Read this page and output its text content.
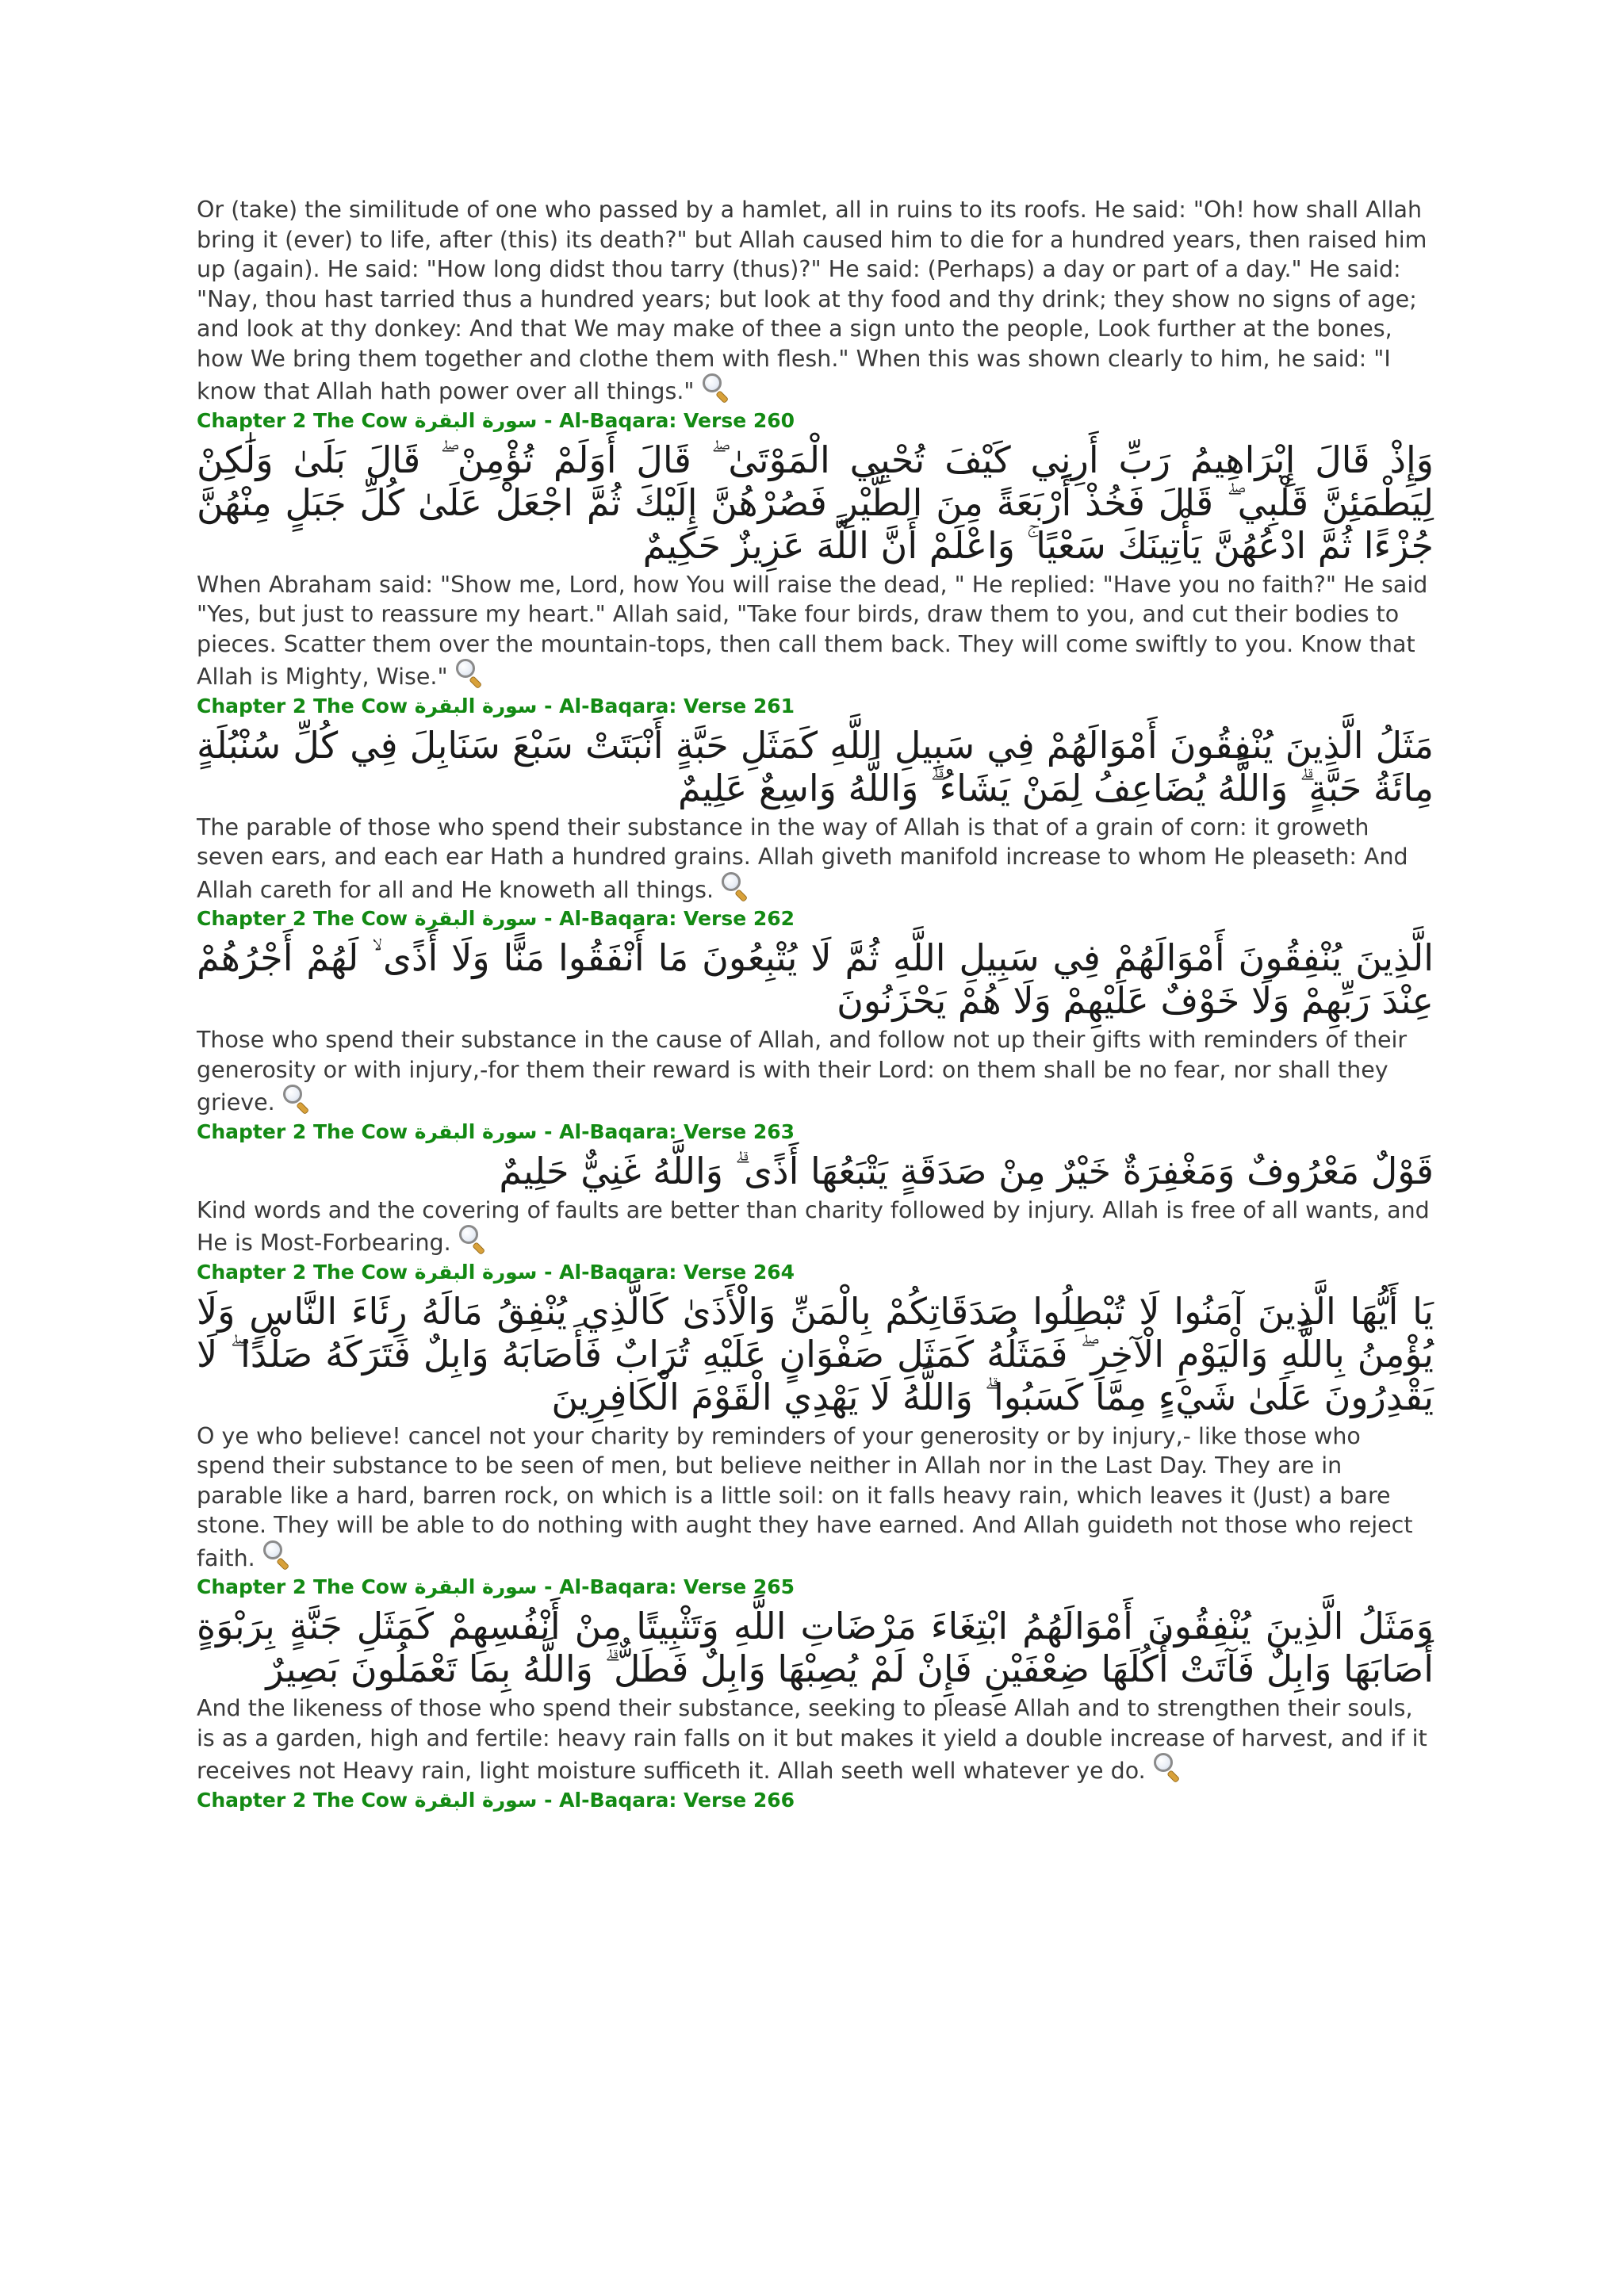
Or (take) the similitude of one who passed by a hamlet, all in ruins to its roofs. He said: "Oh! how shall Allah bring it (ever) to life, after (this) its death?" but Allah caused him to die for a hundred years, then raised him up (again). He said: "How long didst thou tarry (thus)?" He said: (Perhaps) a day or part of a day." He said: "Nay, thou hast tarried thus a hundred years; but look at thy food and thy drink; they show no signs of age; and look at thy donkey: And that We may make of thee a sign unto the people, Look further at the bones, how We bring them together and clothe them with flesh." When this was shown clearly to him, he said: "I know that Allah hath power over all things."

Chapter 2 The Cow سورة البقرة - Al-Baqara: Verse 260
وَإِذْ قَالَ إِبْرَاهِيمُ رَبِّ أَرِنِي كَيْفَ تُحْيِي الْمَوْتَىٰ ۖ قَالَ أَوَلَمْ تُؤْمِنْ ۖ قَالَ بَلَىٰ وَلَٰكِنْ لِيَطْمَئِنَّ قَلْبِي ۖ قَالَ فَخُذْ أَرْبَعَةً مِنَ الطَّيْرِ فَصُرْهُنَّ إِلَيْكَ ثُمَّ اجْعَلْ عَلَىٰ كُلِّ جَبَلٍ مِنْهُنَّ جُزْءًا ثُمَّ ادْعُهُنَّ يَأْتِينَكَ سَعْيًا ۚ وَاعْلَمْ أَنَّ اللَّهَ عَزِيزٌ حَكِيمٌ

When Abraham said: "Show me, Lord, how You will raise the dead, " He replied: "Have you no faith?" He said "Yes, but just to reassure my heart." Allah said, "Take four birds, draw them to you, and cut their bodies to pieces. Scatter them over the mountain-tops, then call them back. They will come swiftly to you. Know that Allah is Mighty, Wise."

Chapter 2 The Cow سورة البقرة - Al-Baqara: Verse 261
مَثَلُ الَّذِينَ يُنْفِقُونَ أَمْوَالَهُمْ فِي سَبِيلِ اللَّهِ كَمَثَلِ حَبَّةٍ أَنْبَتَتْ سَبْعَ سَنَابِلَ فِي كُلِّ سُنْبُلَةٍ مِائَةُ حَبَّةٍ ۗ وَاللَّهُ يُضَاعِفُ لِمَنْ يَشَاءُ ۗ وَاللَّهُ وَاسِعٌ عَلِيمٌ

The parable of those who spend their substance in the way of Allah is that of a grain of corn: it groweth seven ears, and each ear Hath a hundred grains. Allah giveth manifold increase to whom He pleaseth: And Allah careth for all and He knoweth all things.

Chapter 2 The Cow سورة البقرة - Al-Baqara: Verse 262
الَّذِينَ يُنْفِقُونَ أَمْوَالَهُمْ فِي سَبِيلِ اللَّهِ ثُمَّ لَا يُتْبِعُونَ مَا أَنْفَقُوا مَنًّا وَلَا أَذًى ۙ لَهُمْ أَجْرُهُمْ عِنْدَ رَبِّهِمْ وَلَا خَوْفٌ عَلَيْهِمْ وَلَا هُمْ يَحْزَنُونَ

Those who spend their substance in the cause of Allah, and follow not up their gifts with reminders of their generosity or with injury,-for them their reward is with their Lord: on them shall be no fear, nor shall they grieve.

Chapter 2 The Cow سورة البقرة - Al-Baqara: Verse 263
قَوْلٌ مَعْرُوفٌ وَمَغْفِرَةٌ خَيْرٌ مِنْ صَدَقَةٍ يَتْبَعُهَا أَذًى ۗ وَاللَّهُ غَنِيٌّ حَلِيمٌ

Kind words and the covering of faults are better than charity followed by injury. Allah is free of all wants, and He is Most-Forbearing.

Chapter 2 The Cow سورة البقرة - Al-Baqara: Verse 264
يَا أَيُّهَا الَّذِينَ آمَنُوا لَا تُبْطِلُوا صَدَقَاتِكُمْ بِالْمَنِّ وَالْأَذَىٰ كَالَّذِي يُنْفِقُ مَالَهُ رِئَاءَ النَّاسِ وَلَا يُؤْمِنُ بِاللَّهِ وَالْيَوْمِ الْآخِرِ ۖ فَمَثَلُهُ كَمَثَلِ صَفْوَانٍ عَلَيْهِ تُرَابٌ فَأَصَابَهُ وَابِلٌ فَتَرَكَهُ صَلْدًا ۖ لَا يَقْدِرُونَ عَلَىٰ شَيْءٍ مِمَّا كَسَبُوا ۗ وَاللَّهُ لَا يَهْدِي الْقَوْمَ الْكَافِرِينَ

O ye who believe! cancel not your charity by reminders of your generosity or by injury,- like those who spend their substance to be seen of men, but believe neither in Allah nor in the Last Day. They are in parable like a hard, barren rock, on which is a little soil: on it falls heavy rain, which leaves it (Just) a bare stone. They will be able to do nothing with aught they have earned. And Allah guideth not those who reject faith.

Chapter 2 The Cow سورة البقرة - Al-Baqara: Verse 265
وَمَثَلُ الَّذِينَ يُنْفِقُونَ أَمْوَالَهُمُ ابْتِغَاءَ مَرْضَاتِ اللَّهِ وَتَثْبِيتًا مِنْ أَنْفُسِهِمْ كَمَثَلِ جَنَّةٍ بِرَبْوَةٍ أَصَابَهَا وَابِلٌ فَآتَتْ أُكُلَهَا ضِعْفَيْنِ فَإِنْ لَمْ يُصِبْهَا وَابِلٌ فَطَلٌّ ۗ وَاللَّهُ بِمَا تَعْمَلُونَ بَصِيرٌ

And the likeness of those who spend their substance, seeking to please Allah and to strengthen their souls, is as a garden, high and fertile: heavy rain falls on it but makes it yield a double increase of harvest, and if it receives not Heavy rain, light moisture sufficeth it. Allah seeth well whatever ye do.

Chapter 2 The Cow سورة البقرة - Al-Baqara: Verse 266
